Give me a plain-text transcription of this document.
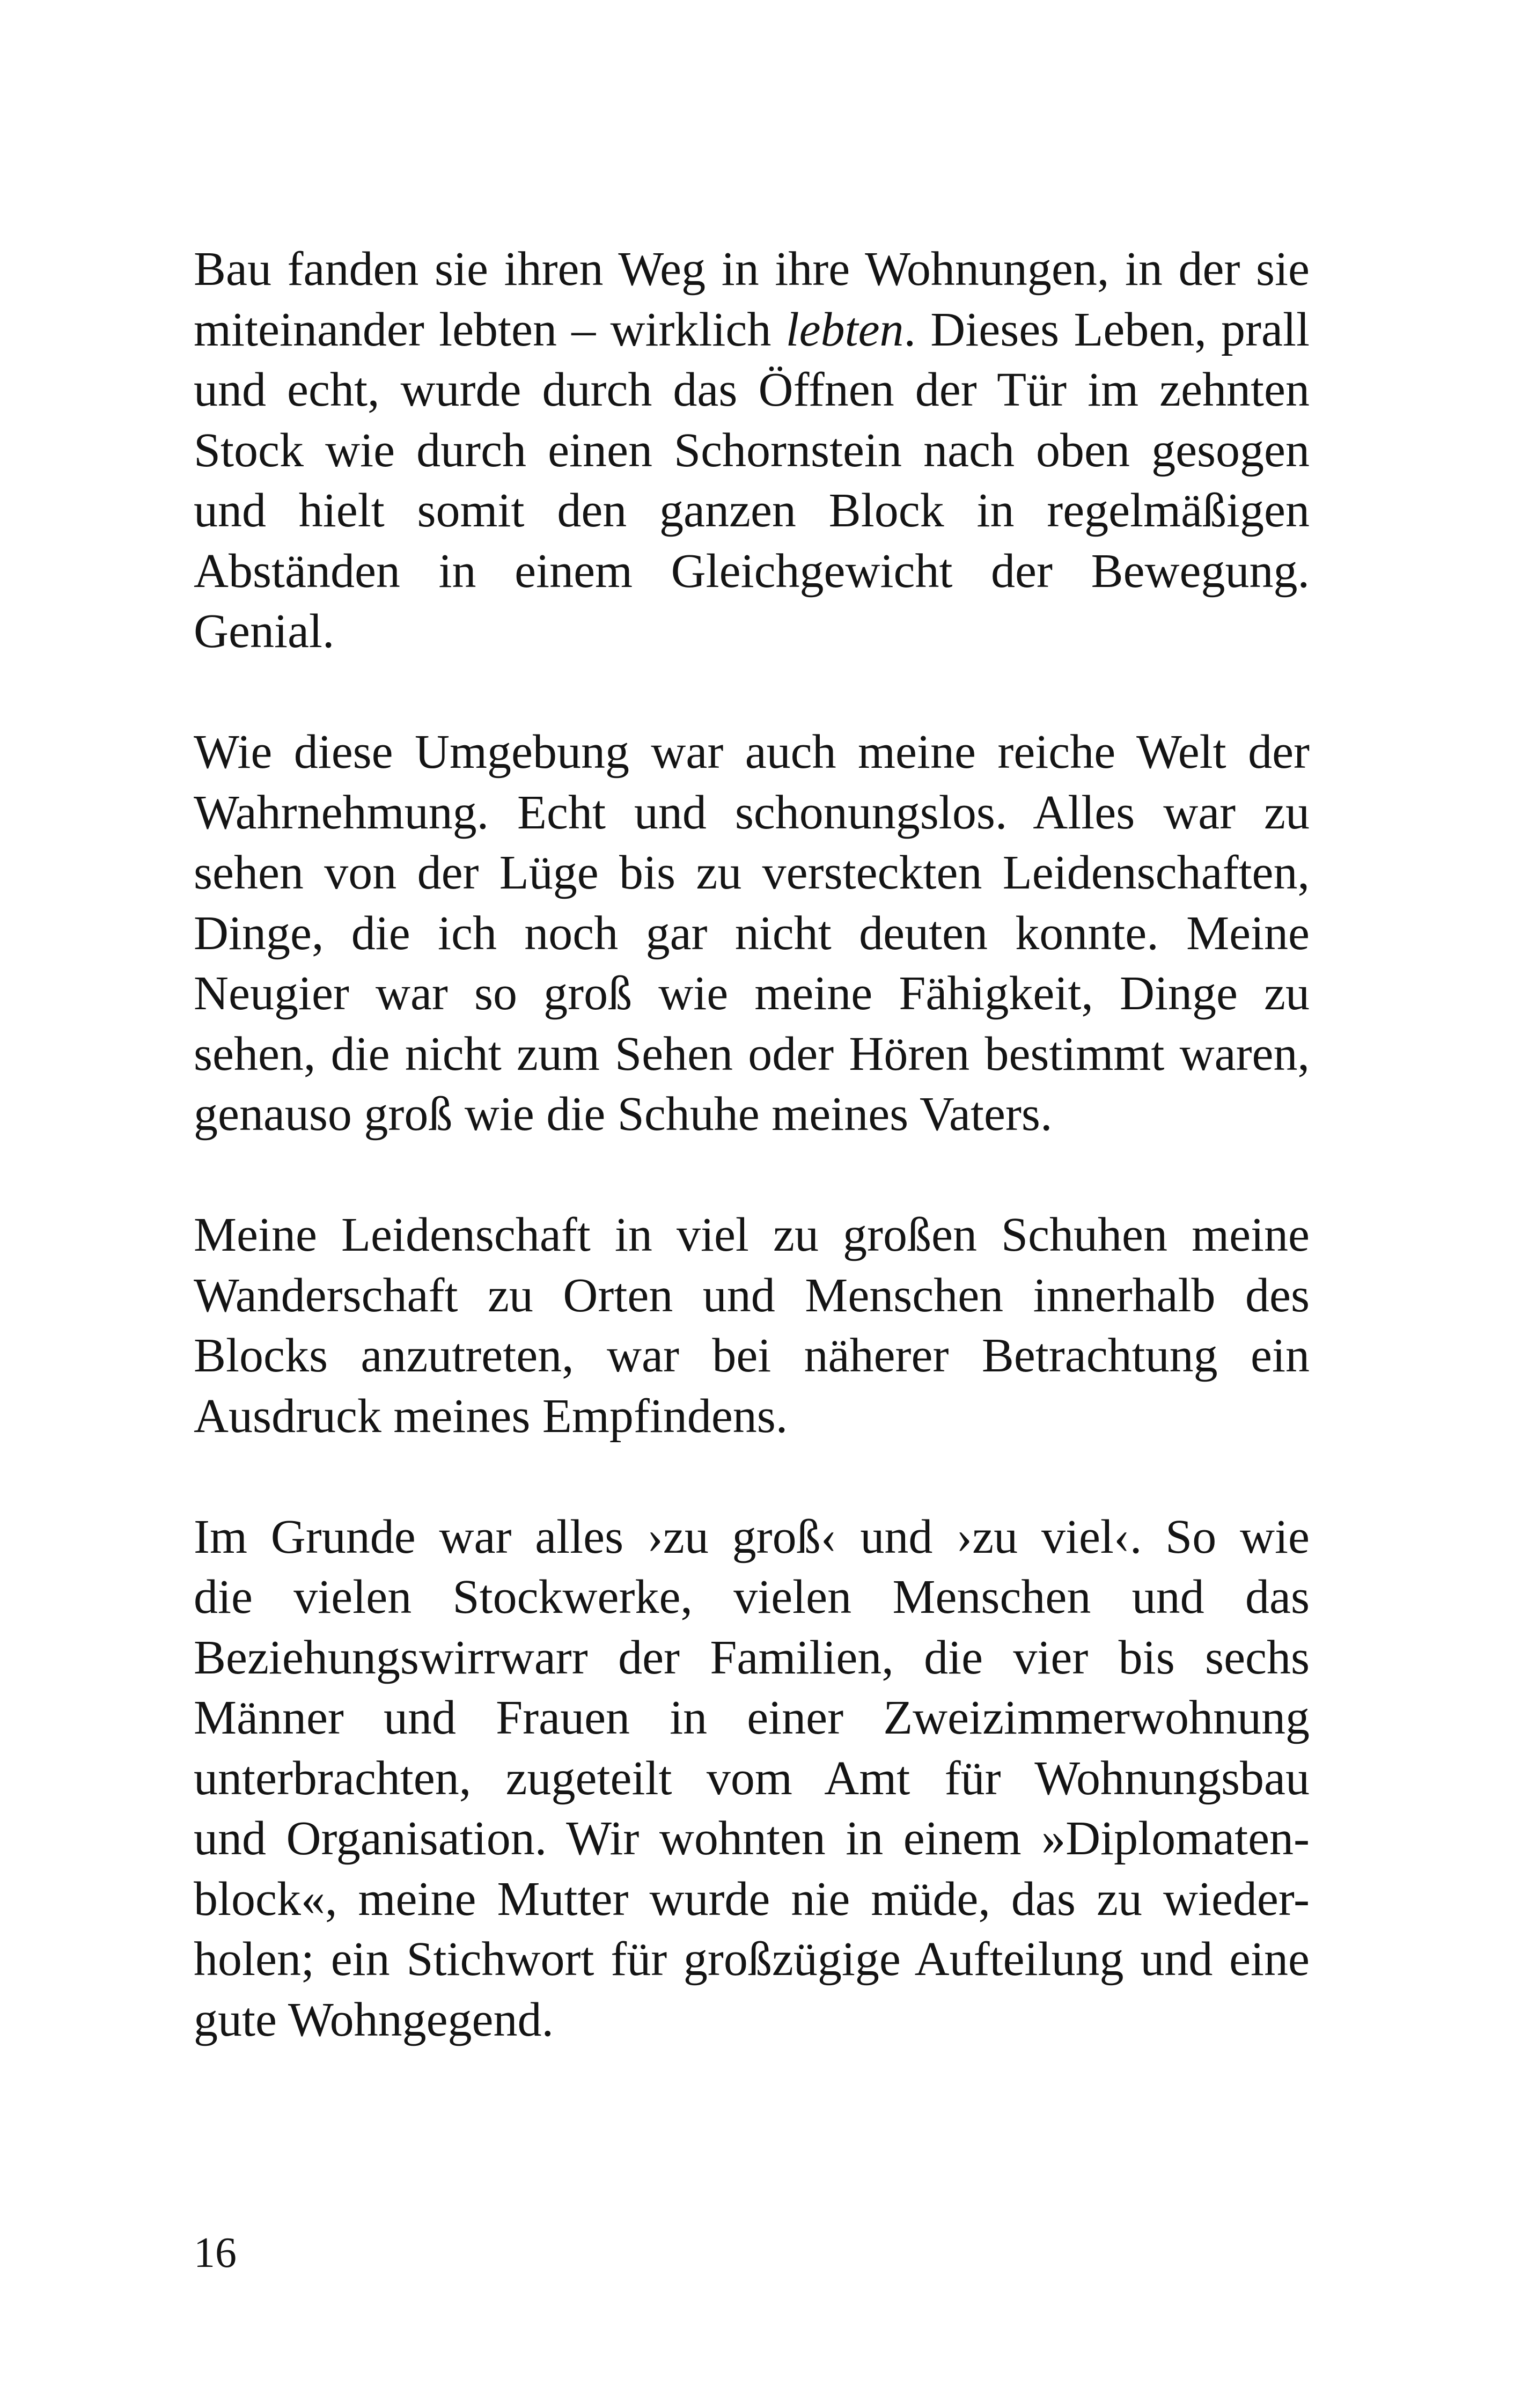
Bau fanden sie ihren Weg in ihre Wohnungen, in der sie
miteinander lebten – wirklich lebten. Dieses Leben, prall
und echt, wurde durch das Öffnen der Tür im zehnten
Stock wie durch einen Schornstein nach oben gesogen
und hielt somit den ganzen Block in regelmäßigen
Abständen in einem Gleichgewicht der Bewegung.
Genial.
Wie diese Umgebung war auch meine reiche Welt der
Wahrnehmung. Echt und schonungslos. Alles war zu
sehen von der Lüge bis zu versteckten Leidenschaften,
Dinge, die ich noch gar nicht deuten konnte. Meine
Neugier war so groß wie meine Fähigkeit, Dinge zu
sehen, die nicht zum Sehen oder Hören bestimmt waren,
genauso groß wie die Schuhe meines Vaters.
Meine Leidenschaft in viel zu großen Schuhen meine
Wanderschaft zu Orten und Menschen innerhalb des
Blocks anzutreten, war bei näherer Betrachtung ein
Ausdruck meines Empfindens.
Im Grunde war alles ›zu groß‹ und ›zu viel‹. So wie
die vielen Stockwerke, vielen Menschen und das
Beziehungswirrwarr der Familien, die vier bis sechs
Männer und Frauen in einer Zweizimmerwohnung
unterbrachten, zugeteilt vom Amt für Wohnungsbau
und Organisation. Wir wohnten in einem »Diplomaten-
block«, meine Mutter wurde nie müde, das zu wieder-
holen; ein Stichwort für großzügige Aufteilung und eine
gute Wohngegend.
16
